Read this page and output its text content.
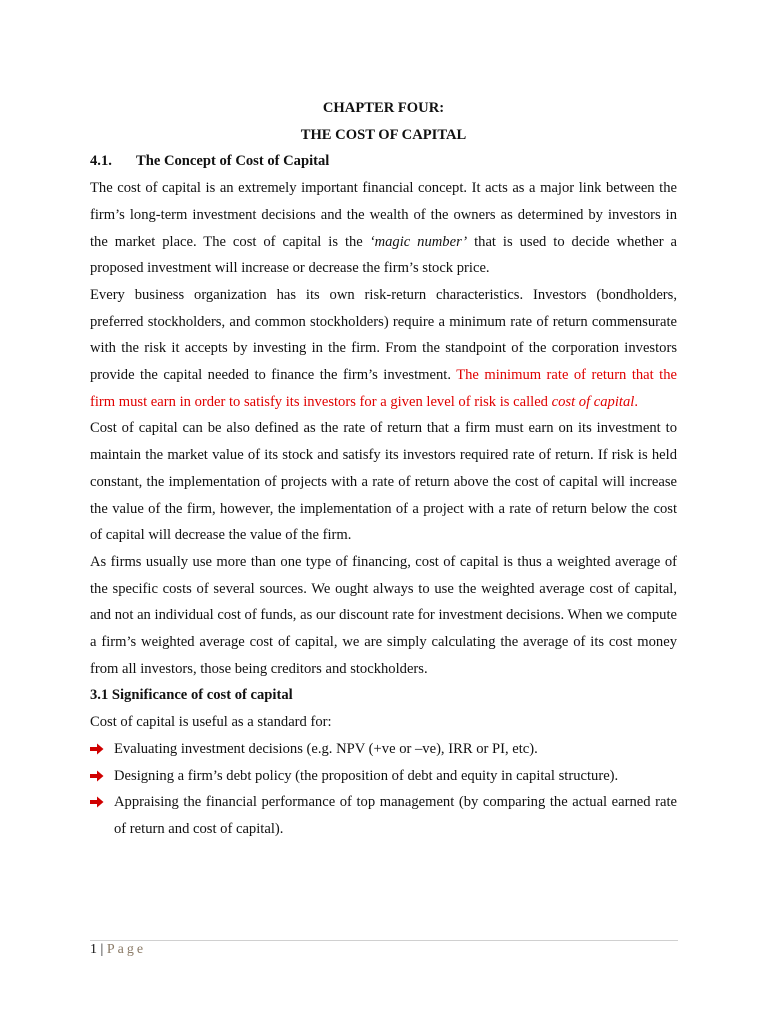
CHAPTER FOUR:

THE COST OF CAPITAL

4.1. The Concept of Cost of Capital

The cost of capital is an extremely important financial concept. It acts as a major link between the firm’s long-term investment decisions and the wealth of the owners as determined by investors in the market place. The cost of capital is the ‘magic number’ that is used to decide whether a proposed investment will increase or decrease the firm’s stock price.

Every business organization has its own risk-return characteristics. Investors (bondholders, preferred stockholders, and common stockholders) require a minimum rate of return commensurate with the risk it accepts by investing in the firm. From the standpoint of the corporation investors provide the capital needed to finance the firm’s investment. The minimum rate of return that the firm must earn in order to satisfy its investors for a given level of risk is called cost of capital.

Cost of capital can be also defined as the rate of return that a firm must earn on its investment to maintain the market value of its stock and satisfy its investors required rate of return. If risk is held constant, the implementation of projects with a rate of return above the cost of capital will increase the value of the firm, however, the implementation of a project with a rate of return below the cost of capital will decrease the value of the firm.

As firms usually use more than one type of financing, cost of capital is thus a weighted average of the specific costs of several sources. We ought always to use the weighted average cost of capital, and not an individual cost of funds, as our discount rate for investment decisions. When we compute a firm’s weighted average cost of capital, we are simply calculating the average of its cost money from all investors, those being creditors and stockholders.

3.1 Significance of cost of capital

Cost of capital is useful as a standard for:

Evaluating investment decisions (e.g. NPV (+ve or –ve), IRR or PI, etc).
Designing a firm’s debt policy (the proposition of debt and equity in capital structure).
Appraising the financial performance of top management (by comparing the actual earned rate of return and cost of capital).
1 | Page
